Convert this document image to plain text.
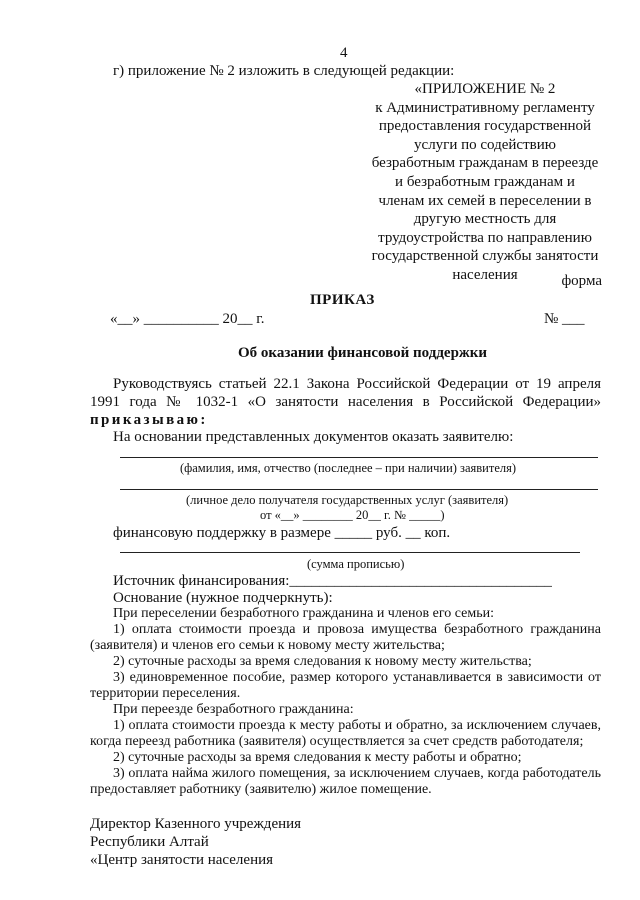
4
г) приложение № 2 изложить в следующей редакции:
«ПРИЛОЖЕНИЕ № 2
к Административному регламенту
предоставления государственной
услуги по содействию
безработным гражданам в переезде
и безработным гражданам и
членам их семей в переселении в
другую местность для
трудоустройства по направлению
государственной службы занятости
населения	форма
ПРИКАЗ
«__» __________ 20__ г.	№ ___
Об оказании финансовой поддержки
Руководствуясь статьей 22.1 Закона Российской Федерации от 19 апреля
1991 года № 1032-1 «О занятости населения в Российской Федерации»
приказываю:
На основании представленных документов оказать заявителю:
(фамилия, имя, отчество (последнее – при наличии) заявителя)
(личное дело получателя государственных услуг (заявителя)
от «__» ________ 20__ г. № _____)
финансовую поддержку в размере _____ руб. __ коп.
(сумма прописью)
Источник финансирования:___________________________________
Основание (нужное подчеркнуть):
При переселении безработного гражданина и членов его семьи:
1) оплата стоимости проезда и провоза имущества безработного гражданина
(заявителя) и членов его семьи к новому месту жительства;
2) суточные расходы за время следования к новому месту жительства;
3) единовременное пособие, размер которого устанавливается в зависимости от
территории переселения.
При переезде безработного гражданина:
1) оплата стоимости проезда к месту работы и обратно, за исключением случаев,
когда переезд работника (заявителя) осуществляется за счет средств работодателя;
2) суточные расходы за время следования к месту работы и обратно;
3) оплата найма жилого помещения, за исключением случаев, когда работодатель
предоставляет работнику (заявителю) жилое помещение.
Директор Казенного учреждения
Республики Алтай
«Центр занятости населения
